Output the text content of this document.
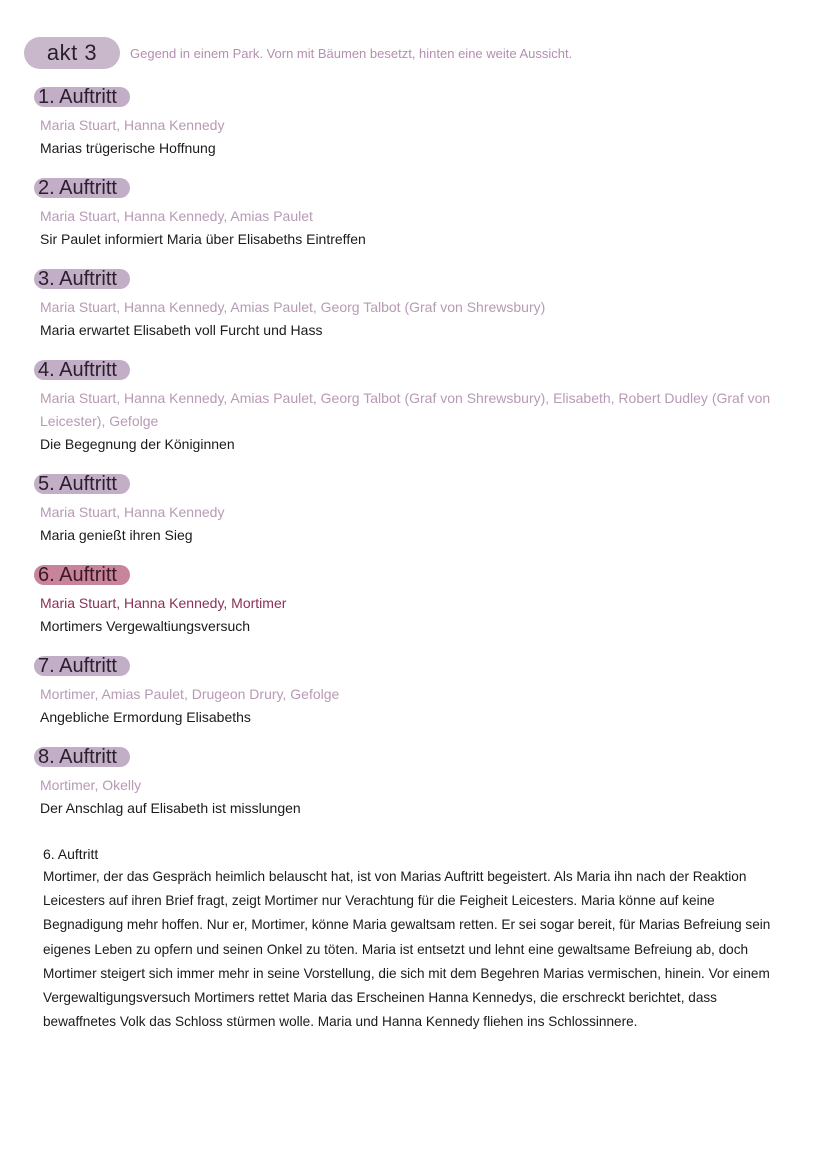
akt 3	Gegend in einem Park. Vorn mit Bäumen besetzt, hinten eine weite Aussicht.
1. Auftritt
Maria Stuart, Hanna Kennedy
Marias trügerische Hoffnung
2. Auftritt
Maria Stuart, Hanna Kennedy, Amias Paulet
Sir Paulet informiert Maria über Elisabeths Eintreffen
3. Auftritt
Maria Stuart, Hanna Kennedy, Amias Paulet, Georg Talbot (Graf von Shrewsbury)
Maria erwartet Elisabeth voll Furcht und Hass
4. Auftritt
Maria Stuart, Hanna Kennedy, Amias Paulet, Georg Talbot (Graf von Shrewsbury), Elisabeth, Robert Dudley (Graf von Leicester), Gefolge
Die Begegnung der Königinnen
5. Auftritt
Maria Stuart, Hanna Kennedy
Maria genießt ihren Sieg
6. Auftritt
Maria Stuart, Hanna Kennedy, Mortimer
Mortimers Vergewaltiungsversuch
7. Auftritt
Mortimer, Amias Paulet, Drugeon Drury, Gefolge
Angebliche Ermordung Elisabeths
8. Auftritt
Mortimer, Okelly
Der Anschlag auf Elisabeth ist misslungen
6. Auftritt
Mortimer, der das Gespräch heimlich belauscht hat, ist von Marias Auftritt begeistert. Als Maria ihn nach der Reaktion Leicesters auf ihren Brief fragt, zeigt Mortimer nur Verachtung für die Feigheit Leicesters. Maria könne auf keine Begnadigung mehr hoffen. Nur er, Mortimer, könne Maria gewaltsam retten. Er sei sogar bereit, für Marias Befreiung sein eigenes Leben zu opfern und seinen Onkel zu töten. Maria ist entsetzt und lehnt eine gewaltsame Befreiung ab, doch Mortimer steigert sich immer mehr in seine Vorstellung, die sich mit dem Begehren Marias vermischen, hinein. Vor einem Vergewaltigungsversuch Mortimers rettet Maria das Erscheinen Hanna Kennedys, die erschreckt berichtet, dass bewaffnetes Volk das Schloss stürmen wolle. Maria und Hanna Kennedy fliehen ins Schlossinnere.
